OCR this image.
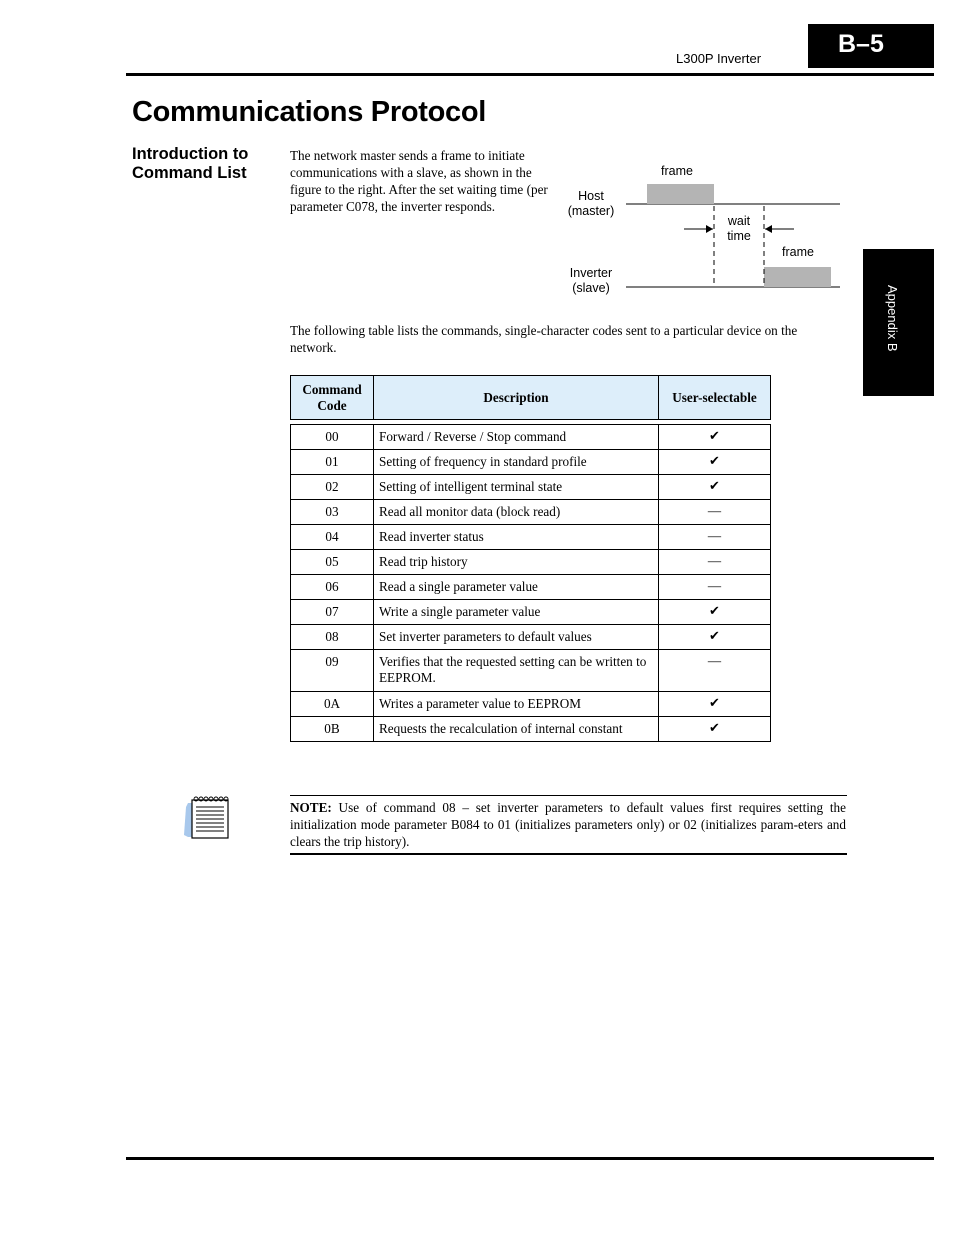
L300P Inverter
B–5
Appendix B
Communications Protocol
Introduction to Command List
The network master sends a frame to initiate communications with a slave, as shown in the figure to the right. After the set waiting time (per parameter C078, the inverter responds.
frame
Host
(master)
frame
Inverter
(slave)
wait
time
The following table lists the commands, single-character codes sent to a particular device on the network.
Command Code	Description	User-selectable

00	Forward / Reverse / Stop command	✔
01	Setting of frequency in standard profile	✔
02	Setting of intelligent terminal state	✔
03	Read all monitor data (block read)	—
04	Read inverter status	—
05	Read trip history	—
06	Read a single parameter value	—
07	Write a single parameter value	✔
08	Set inverter parameters to default values	✔
09	Verifies that the requested setting can be written to EEPROM.	—
0A	Writes a parameter value to EEPROM	✔
0B	Requests the recalculation of internal constant	✔
NOTE: Use of command 08 – set inverter parameters to default values first requires setting the initialization mode parameter B084 to 01 (initializes parameters only) or 02 (initializes param-eters and clears the trip history).
